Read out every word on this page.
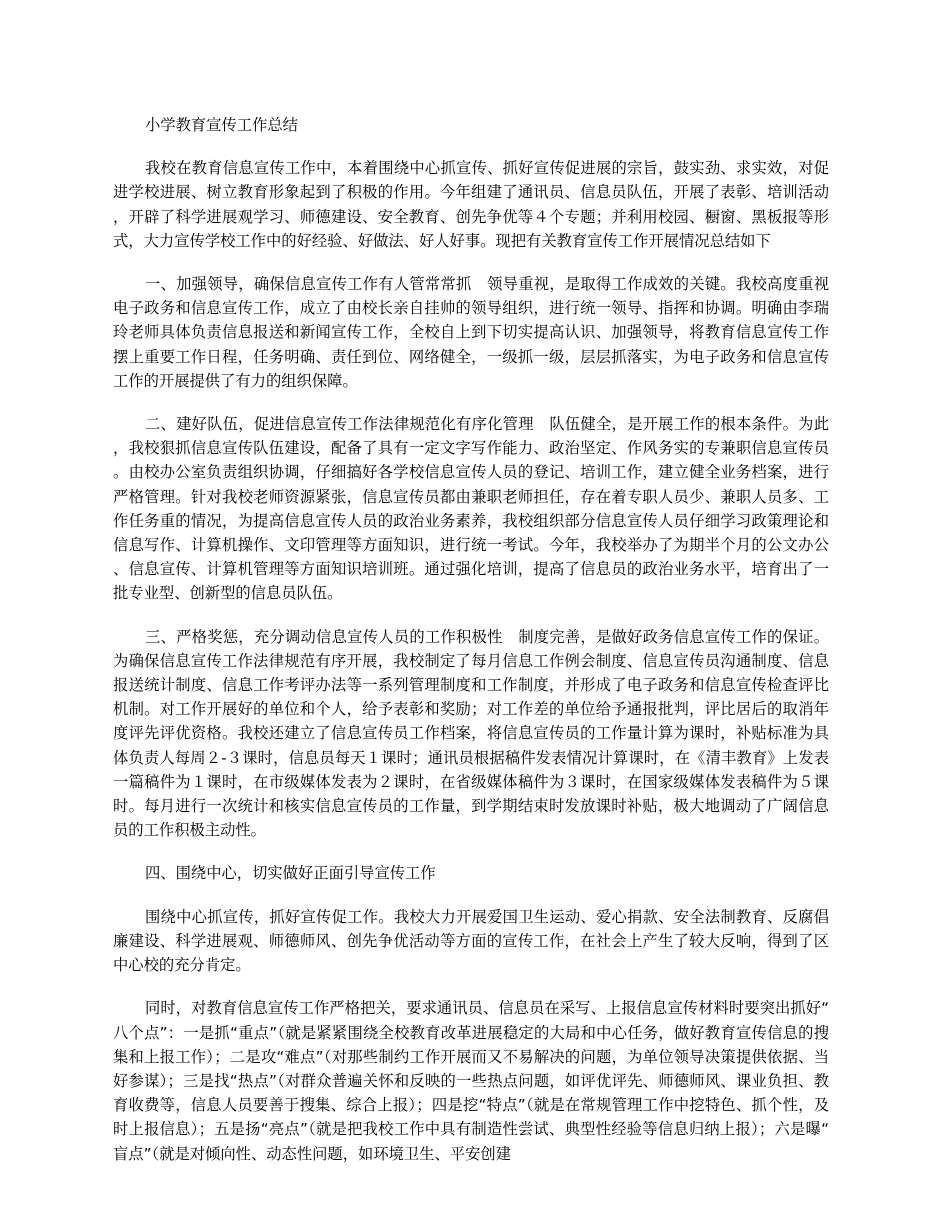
小学教育宣传工作总结

我校在教育信息宣传工作中，本着围绕中心抓宣传、抓好宣传促进展的宗旨，鼓实劲、求实效，对促进学校进展、树立教育形象起到了积极的作用。今年组建了通讯员、信息员队伍，开展了表彰、培训活动，开辟了科学进展观学习、师德建设、安全教育、创先争优等４个专题；并利用校园、橱窗、黑板报等形式，大力宣传学校工作中的好经验、好做法、好人好事。现把有关教育宣传工作开展情况总结如下

一、加强领导，确保信息宣传工作有人管常常抓　领导重视，是取得工作成效的关键。我校高度重视电子政务和信息宣传工作，成立了由校长亲自挂帅的领导组织，进行统一领导、指挥和协调。明确由李瑞玲老师具体负责信息报送和新闻宣传工作，全校自上到下切实提高认识、加强领导，将教育信息宣传工作摆上重要工作日程，任务明确、责任到位、网络健全，一级抓一级，层层抓落实，为电子政务和信息宣传工作的开展提供了有力的组织保障。

二、建好队伍，促进信息宣传工作法律规范化有序化管理　队伍健全，是开展工作的根本条件。为此，我校狠抓信息宣传队伍建设，配备了具有一定文字写作能力、政治坚定、作风务实的专兼职信息宣传员。由校办公室负责组织协调，仔细搞好各学校信息宣传人员的登记、培训工作，建立健全业务档案，进行严格管理。针对我校老师资源紧张，信息宣传员都由兼职老师担任，存在着专职人员少、兼职人员多、工作任务重的情况，为提高信息宣传人员的政治业务素养，我校组织部分信息宣传人员仔细学习政策理论和信息写作、计算机操作、文印管理等方面知识，进行统一考试。今年，我校举办了为期半个月的公文办公、信息宣传、计算机管理等方面知识培训班。通过强化培训，提高了信息员的政治业务水平，培育出了一批专业型、创新型的信息员队伍。

三、严格奖惩，充分调动信息宣传人员的工作积极性　制度完善，是做好政务信息宣传工作的保证。为确保信息宣传工作法律规范有序开展，我校制定了每月信息工作例会制度、信息宣传员沟通制度、信息报送统计制度、信息工作考评办法等一系列管理制度和工作制度，并形成了电子政务和信息宣传检查评比机制。对工作开展好的单位和个人，给予表彰和奖励；对工作差的单位给予通报批判，评比居后的取消年度评先评优资格。我校还建立了信息宣传员工作档案，将信息宣传员的工作量计算为课时，补贴标准为具体负责人每周２-３课时，信息员每天１课时；通讯员根据稿件发表情况计算课时，在《清丰教育》上发表一篇稿件为１课时，在市级媒体发表为２课时，在省级媒体稿件为３课时，在国家级媒体发表稿件为５课时。每月进行一次统计和核实信息宣传员的工作量，到学期结束时发放课时补贴，极大地调动了广阔信息员的工作积极主动性。

四、围绕中心，切实做好正面引导宣传工作

围绕中心抓宣传，抓好宣传促工作。我校大力开展爱国卫生运动、爱心捐款、安全法制教育、反腐倡廉建设、科学进展观、师德师风、创先争优活动等方面的宣传工作，在社会上产生了较大反响，得到了区中心校的充分肯定。

同时，对教育信息宣传工作严格把关，要求通讯员、信息员在采写、上报信息宣传材料时要突出抓好“八个点”：一是抓“重点”（就是紧紧围绕全校教育改革进展稳定的大局和中心任务，做好教育宣传信息的搜集和上报工作）；二是攻“难点”（对那些制约工作开展而又不易解决的问题，为单位领导决策提供依据、当好参谋）；三是找“热点”（对群众普遍关怀和反映的一些热点问题，如评优评先、师德师风、课业负担、教育收费等，信息人员要善于搜集、综合上报）；四是挖“特点”（就是在常规管理工作中挖特色、抓个性，及时上报信息）；五是扬“亮点”（就是把我校工作中具有制造性尝试、典型性经验等信息归纳上报）；六是曝“盲点”（就是对倾向性、动态性问题，如环境卫生、平安创建
